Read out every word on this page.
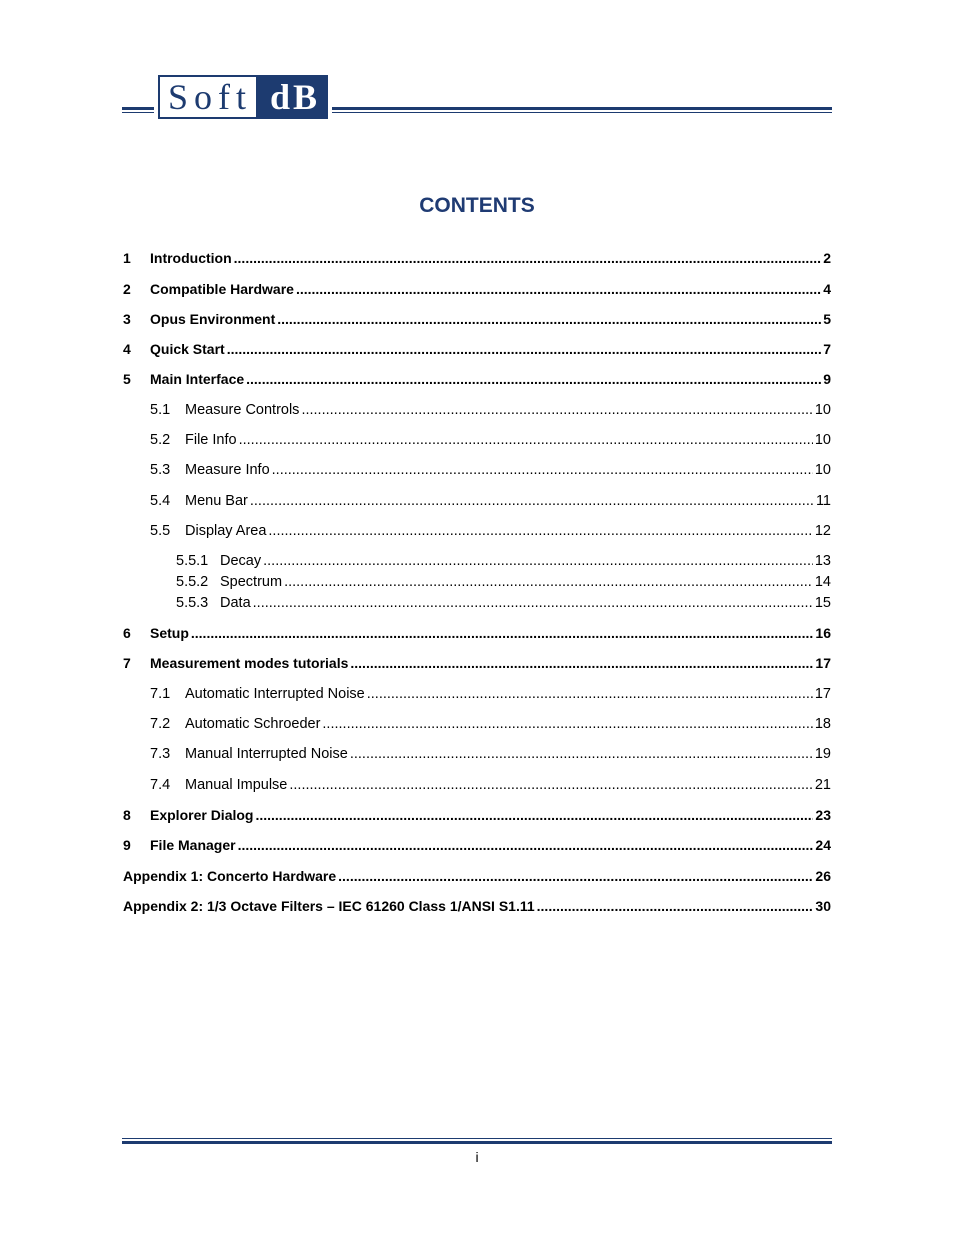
Soft dB
CONTENTS
1	Introduction .....	2
2	Compatible Hardware .....	4
3	Opus Environment .....	5
4	Quick Start .....	7
5	Main Interface .....	9
5.1	Measure Controls .....	10
5.2	File Info .....	10
5.3	Measure Info .....	10
5.4	Menu Bar .....	11
5.5	Display Area .....	12
5.5.1 Decay .....	13
5.5.2 Spectrum .....	14
5.5.3 Data .....	15
6	Setup .....	16
7	Measurement modes tutorials .....	17
7.1	Automatic Interrupted Noise .....	17
7.2	Automatic Schroeder .....	18
7.3	Manual Interrupted Noise .....	19
7.4	Manual Impulse .....	21
8	Explorer Dialog .....	23
9	File Manager .....	24
Appendix 1: Concerto Hardware .....	26
Appendix 2: 1/3 Octave Filters – IEC 61260 Class 1/ANSI S1.11 .....	30
i
